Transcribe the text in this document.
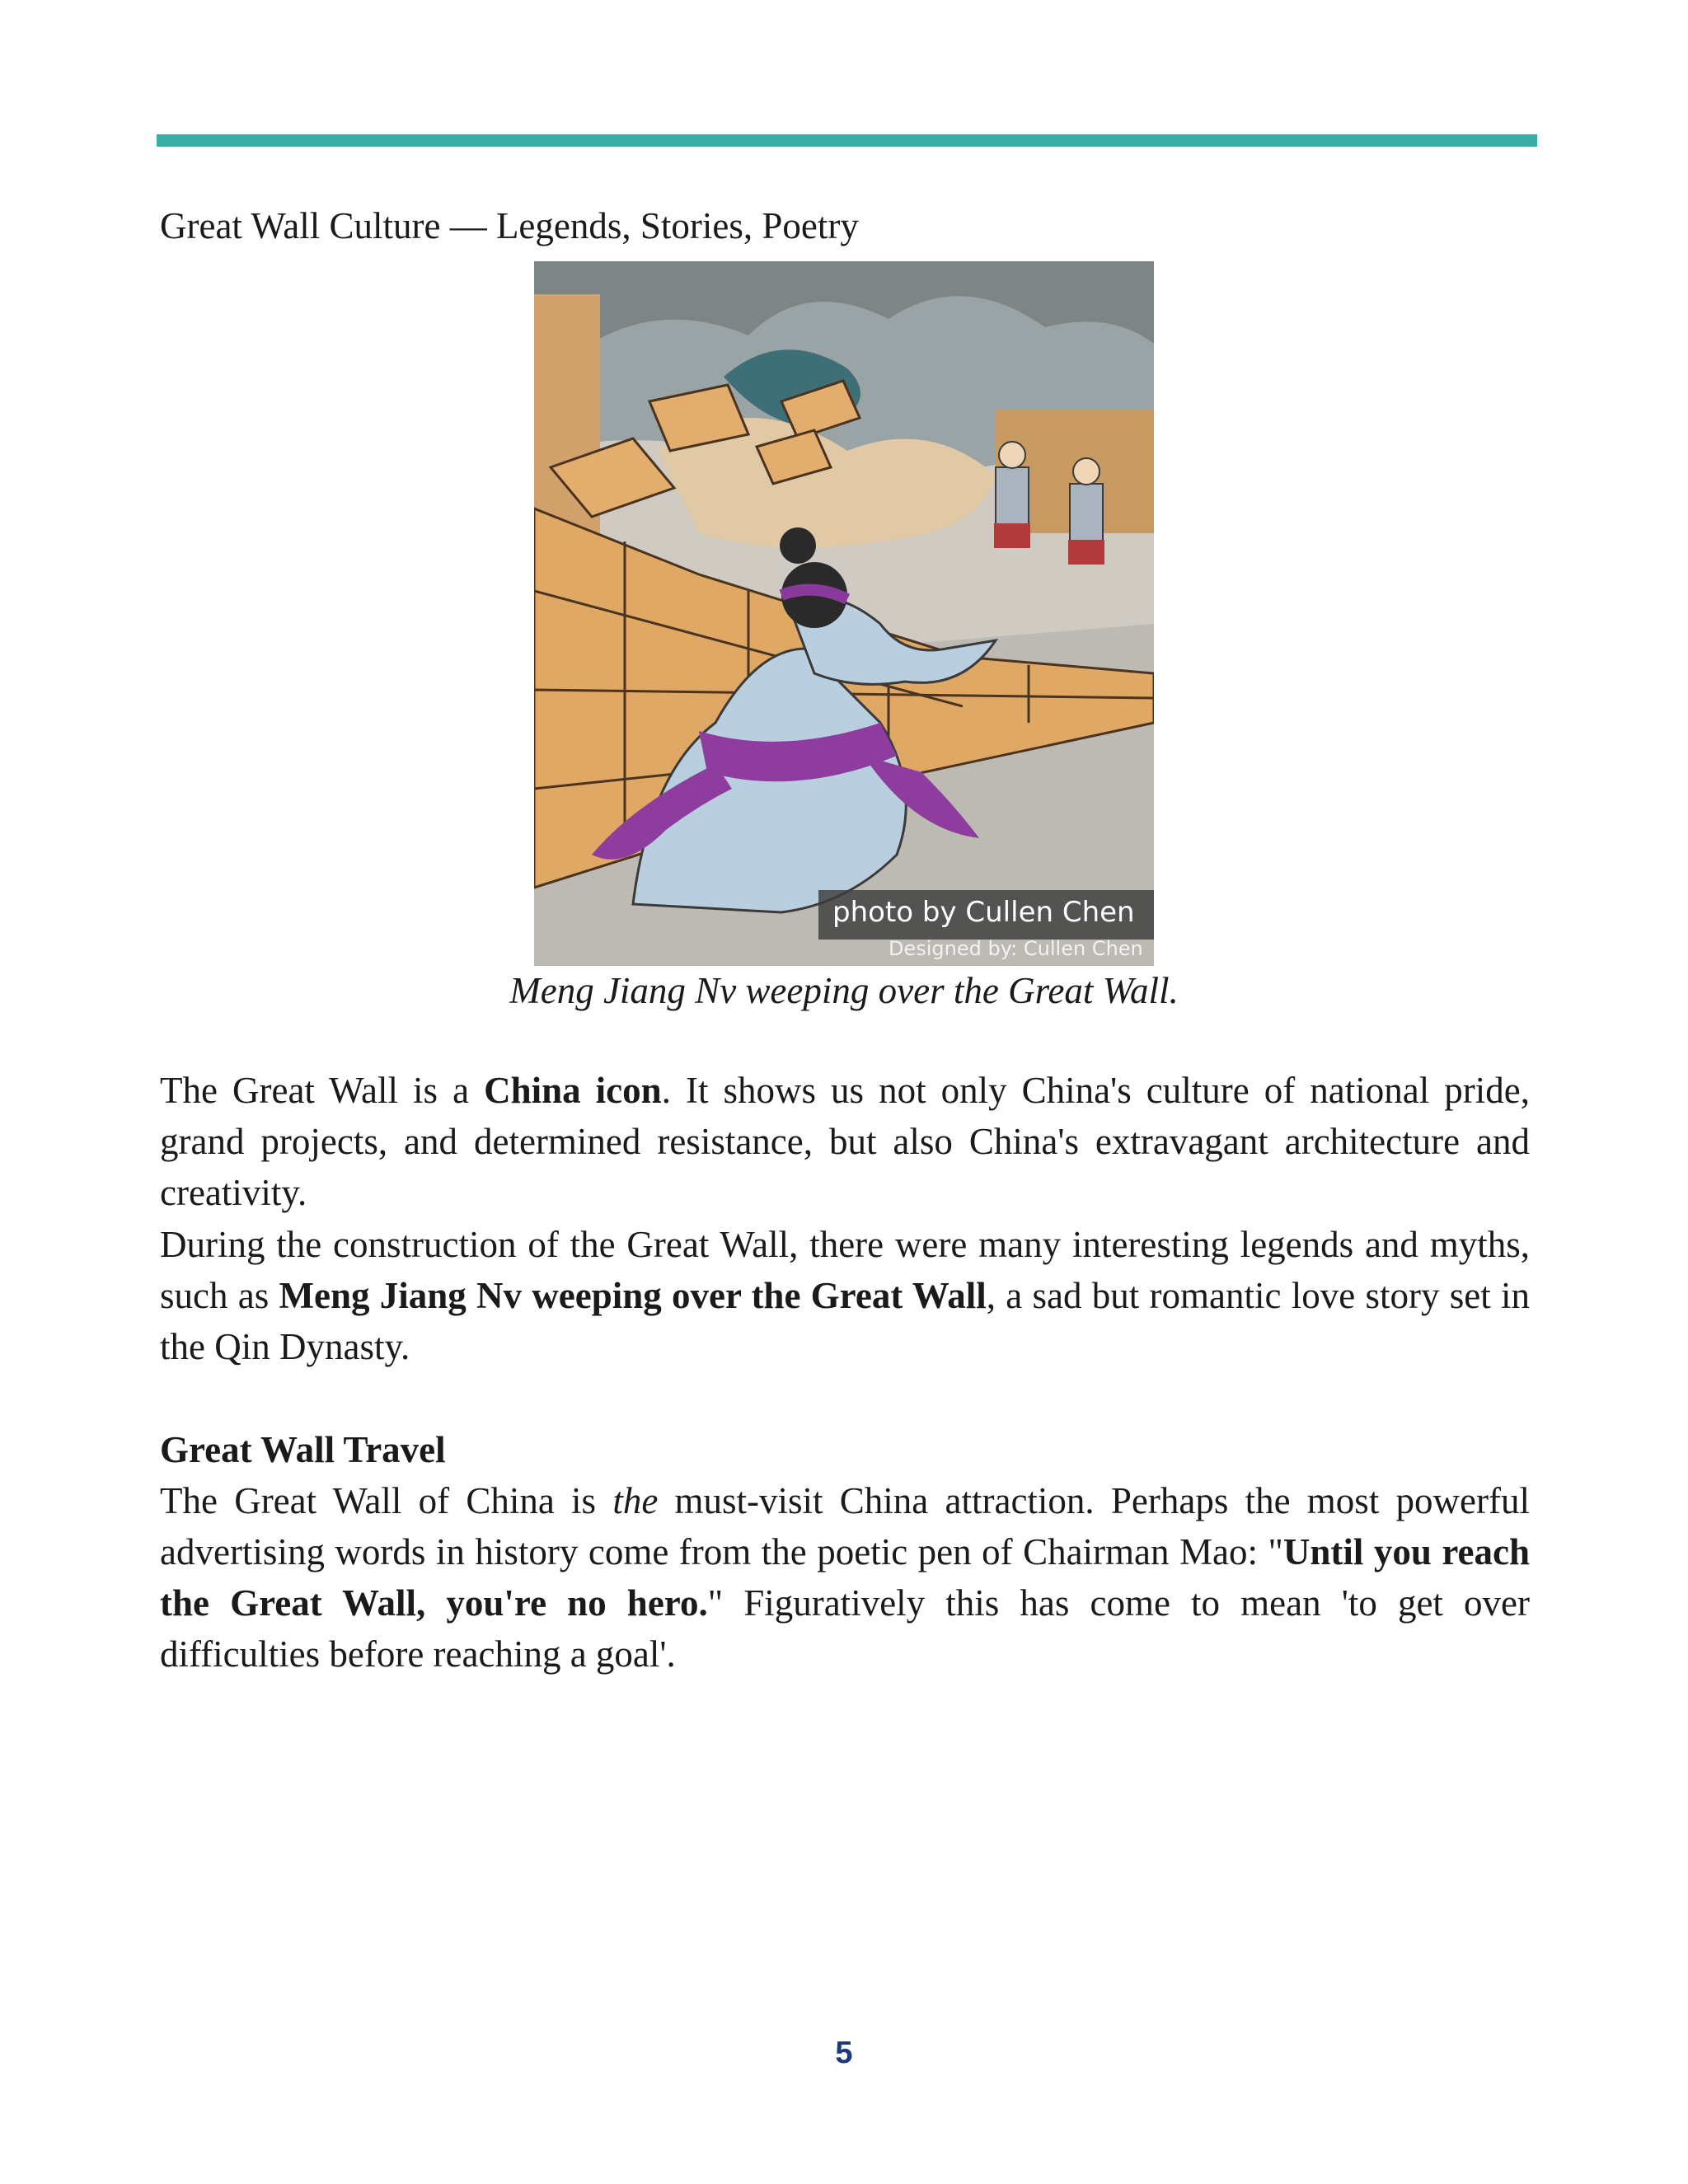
Great Wall Culture — Legends, Stories, Poetry
photo by Cullen Chen
Designed by: Cullen Chen

Meng Jiang Nv weeping over the Great Wall.

The Great Wall is a China icon. It shows us not only China's culture of national pride, grand projects, and determined resistance, but also China's extravagant architecture and creativity.

During the construction of the Great Wall, there were many interesting legends and myths, such as Meng Jiang Nv weeping over the Great Wall, a sad but romantic love story set in the Qin Dynasty.

Great Wall Travel

The Great Wall of China is the must-visit China attraction. Perhaps the most powerful advertising words in history come from the poetic pen of Chairman Mao: "Until you reach the Great Wall, you're no hero." Figuratively this has come to mean 'to get over difficulties before reaching a goal'.

5
